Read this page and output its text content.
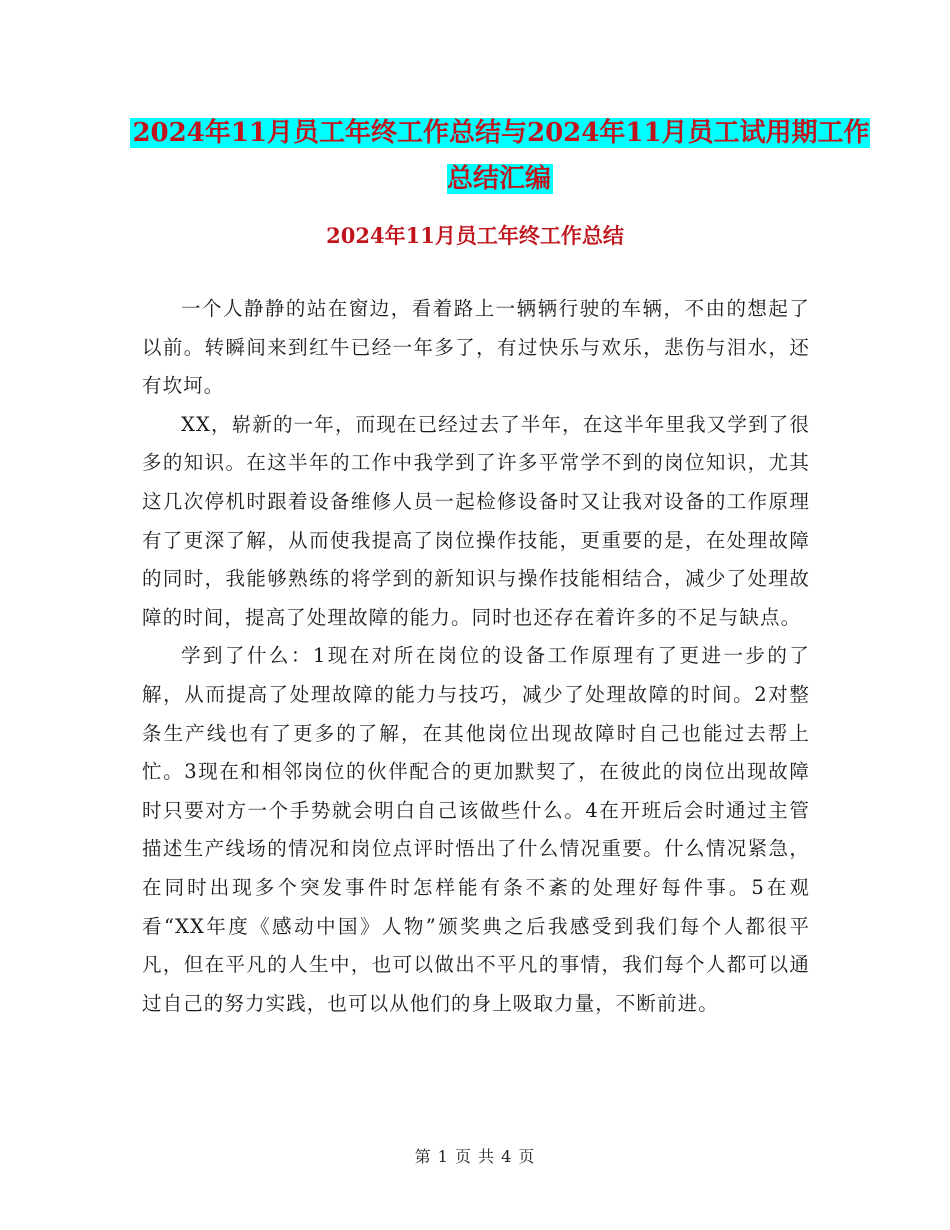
2024年11月员工年终工作总结与2024年11月员工试用期工作总结汇编
2024年11月员工年终工作总结

一个人静静的站在窗边，看着路上一辆辆行驶的车辆，不由的想起了以前。转瞬间来到红牛已经一年多了，有过快乐与欢乐，悲伤与泪水，还有坎坷。

XX，崭新的一年，而现在已经过去了半年，在这半年里我又学到了很多的知识。在这半年的工作中我学到了许多平常学不到的岗位知识，尤其这几次停机时跟着设备维修人员一起检修设备时又让我对设备的工作原理有了更深了解，从而使我提高了岗位操作技能，更重要的是，在处理故障的同时，我能够熟练的将学到的新知识与操作技能相结合，减少了处理故障的时间，提高了处理故障的能力。同时也还存在着许多的不足与缺点。

学到了什么：1现在对所在岗位的设备工作原理有了更进一步的了解，从而提高了处理故障的能力与技巧，减少了处理故障的时间。2对整条生产线也有了更多的了解，在其他岗位出现故障时自己也能过去帮上忙。3现在和相邻岗位的伙伴配合的更加默契了，在彼此的岗位出现故障时只要对方一个手势就会明白自己该做些什么。4在开班后会时通过主管描述生产线场的情况和岗位点评时悟出了什么情况重要。什么情况紧急，在同时出现多个突发事件时怎样能有条不紊的处理好每件事。5在观看“XX年度《感动中国》人物”颁奖典之后我感受到我们每个人都很平凡，但在平凡的人生中，也可以做出不平凡的事情，我们每个人都可以通过自己的努力实践，也可以从他们的身上吸取力量，不断前进。

第 1 页 共 4 页
